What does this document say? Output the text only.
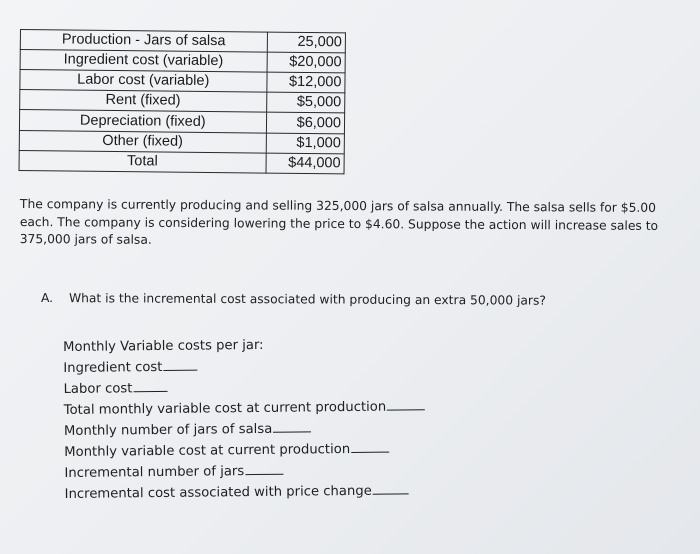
Production - Jars of salsa	25,000
Ingredient cost (variable)	$20,000
Labor cost (variable)	$12,000
Rent (fixed)	$5,000
Depreciation (fixed)	$6,000
Other (fixed)	$1,000
Total	$44,000

The company is currently producing and selling 325,000 jars of salsa annually. The salsa sells for $5.00 each. The company is considering lowering the price to $4.60. Suppose the action will increase sales to 375,000 jars of salsa.

A. What is the incremental cost associated with producing an extra 50,000 jars?
Monthly Variable costs per jar:
Ingredient cost
Labor cost
Total monthly variable cost at current production
Monthly number of jars of salsa
Monthly variable cost at current production
Incremental number of jars
Incremental cost associated with price change
